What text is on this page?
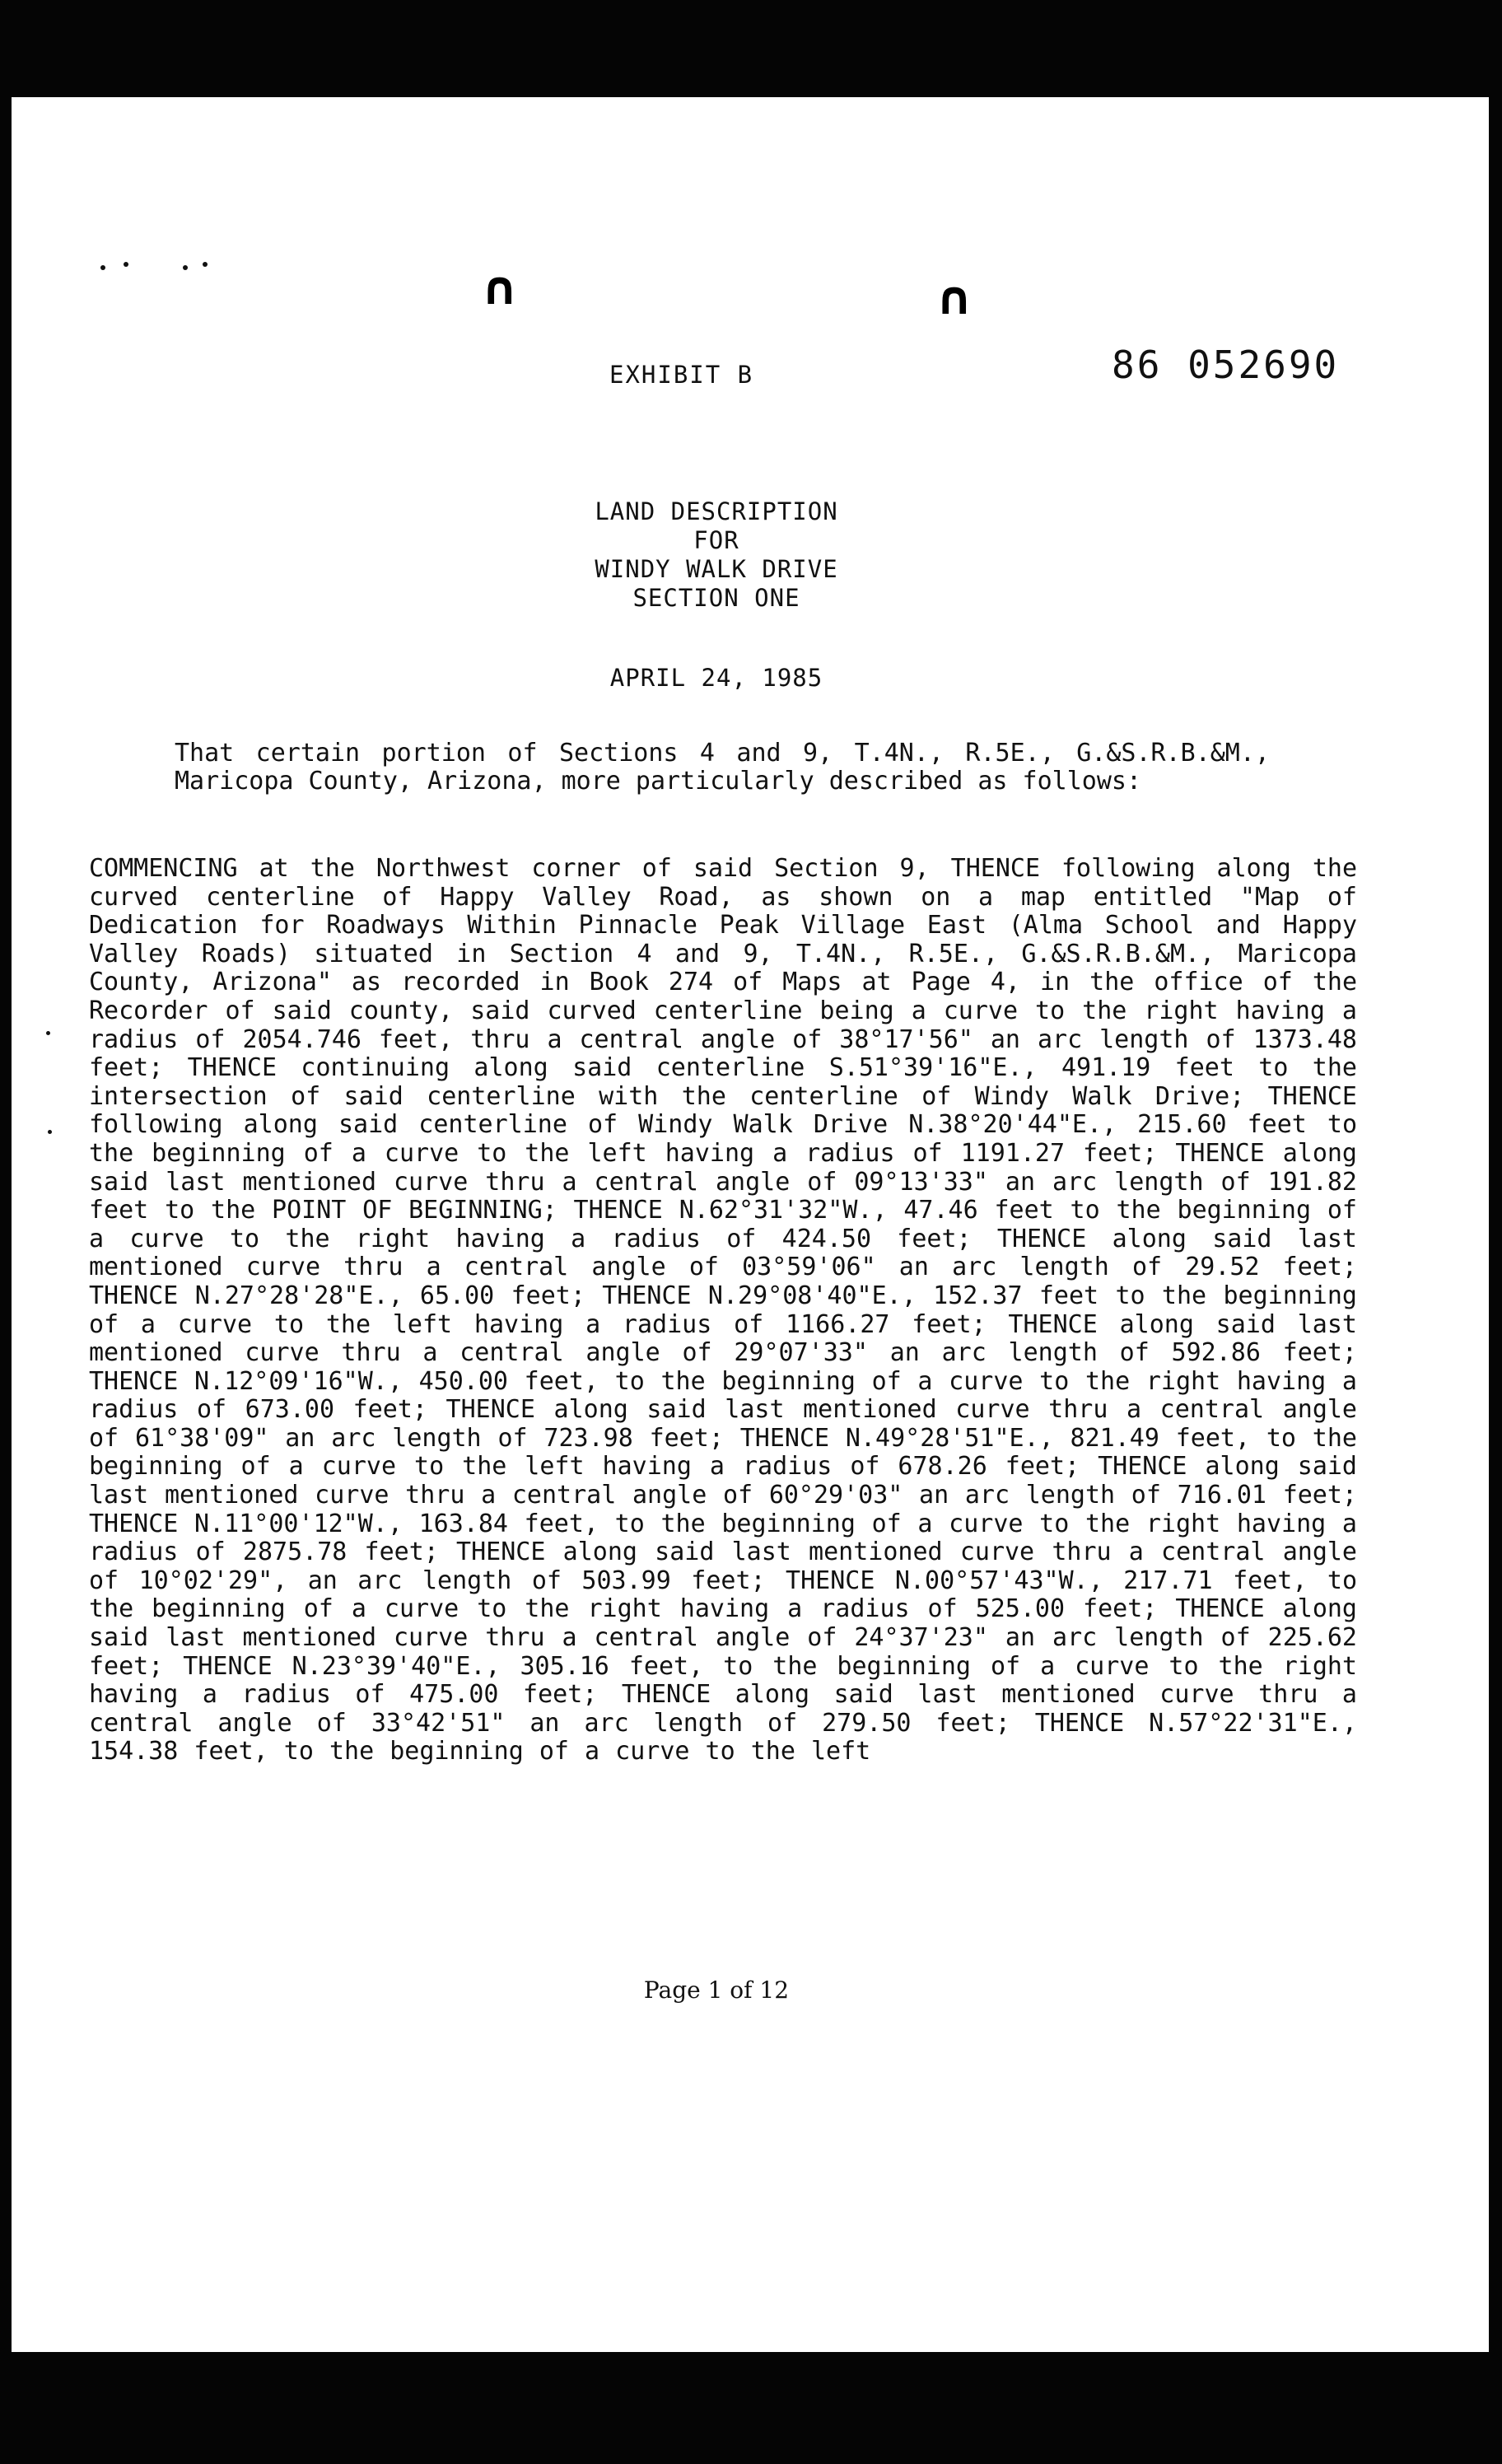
∩	∩
EXHIBIT B	86 052690
LAND DESCRIPTION
FOR
WINDY WALK DRIVE
SECTION ONE
APRIL 24, 1985
That certain portion of Sections 4 and 9, T.4N., R.5E., G.&S.R.B.&M., Maricopa County, Arizona, more particularly described as follows:
COMMENCING at the Northwest corner of said Section 9, THENCE following along the curved centerline of Happy Valley Road, as shown on a map entitled "Map of Dedication for Roadways Within Pinnacle Peak Village East (Alma School and Happy Valley Roads) situated in Section 4 and 9, T.4N., R.5E., G.&S.R.B.&M., Maricopa County, Arizona" as recorded in Book 274 of Maps at Page 4, in the office of the Recorder of said county, said curved centerline being a curve to the right having a radius of 2054.746 feet, thru a central angle of 38°17'56" an arc length of 1373.48 feet; THENCE continuing along said centerline S.51°39'16"E., 491.19 feet to the intersection of said centerline with the centerline of Windy Walk Drive; THENCE following along said centerline of Windy Walk Drive N.38°20'44"E., 215.60 feet to the beginning of a curve to the left having a radius of 1191.27 feet; THENCE along said last mentioned curve thru a central angle of 09°13'33" an arc length of 191.82 feet to the POINT OF BEGINNING; THENCE N.62°31'32"W., 47.46 feet to the beginning of a curve to the right having a radius of 424.50 feet; THENCE along said last mentioned curve thru a central angle of 03°59'06" an arc length of 29.52 feet; THENCE N.27°28'28"E., 65.00 feet; THENCE N.29°08'40"E., 152.37 feet to the beginning of a curve to the left having a radius of 1166.27 feet; THENCE along said last mentioned curve thru a central angle of 29°07'33" an arc length of 592.86 feet; THENCE N.12°09'16"W., 450.00 feet, to the beginning of a curve to the right having a radius of 673.00 feet; THENCE along said last mentioned curve thru a central angle of 61°38'09" an arc length of 723.98 feet; THENCE N.49°28'51"E., 821.49 feet, to the beginning of a curve to the left having a radius of 678.26 feet; THENCE along said last mentioned curve thru a central angle of 60°29'03" an arc length of 716.01 feet; THENCE N.11°00'12"W., 163.84 feet, to the beginning of a curve to the right having a radius of 2875.78 feet; THENCE along said last mentioned curve thru a central angle of 10°02'29", an arc length of 503.99 feet; THENCE N.00°57'43"W., 217.71 feet, to the beginning of a curve to the right having a radius of 525.00 feet; THENCE along said last mentioned curve thru a central angle of 24°37'23" an arc length of 225.62 feet; THENCE N.23°39'40"E., 305.16 feet, to the beginning of a curve to the right having a radius of 475.00 feet; THENCE along said last mentioned curve thru a central angle of 33°42'51" an arc length of 279.50 feet; THENCE N.57°22'31"E., 154.38 feet, to the beginning of a curve to the left
Page 1 of 12
